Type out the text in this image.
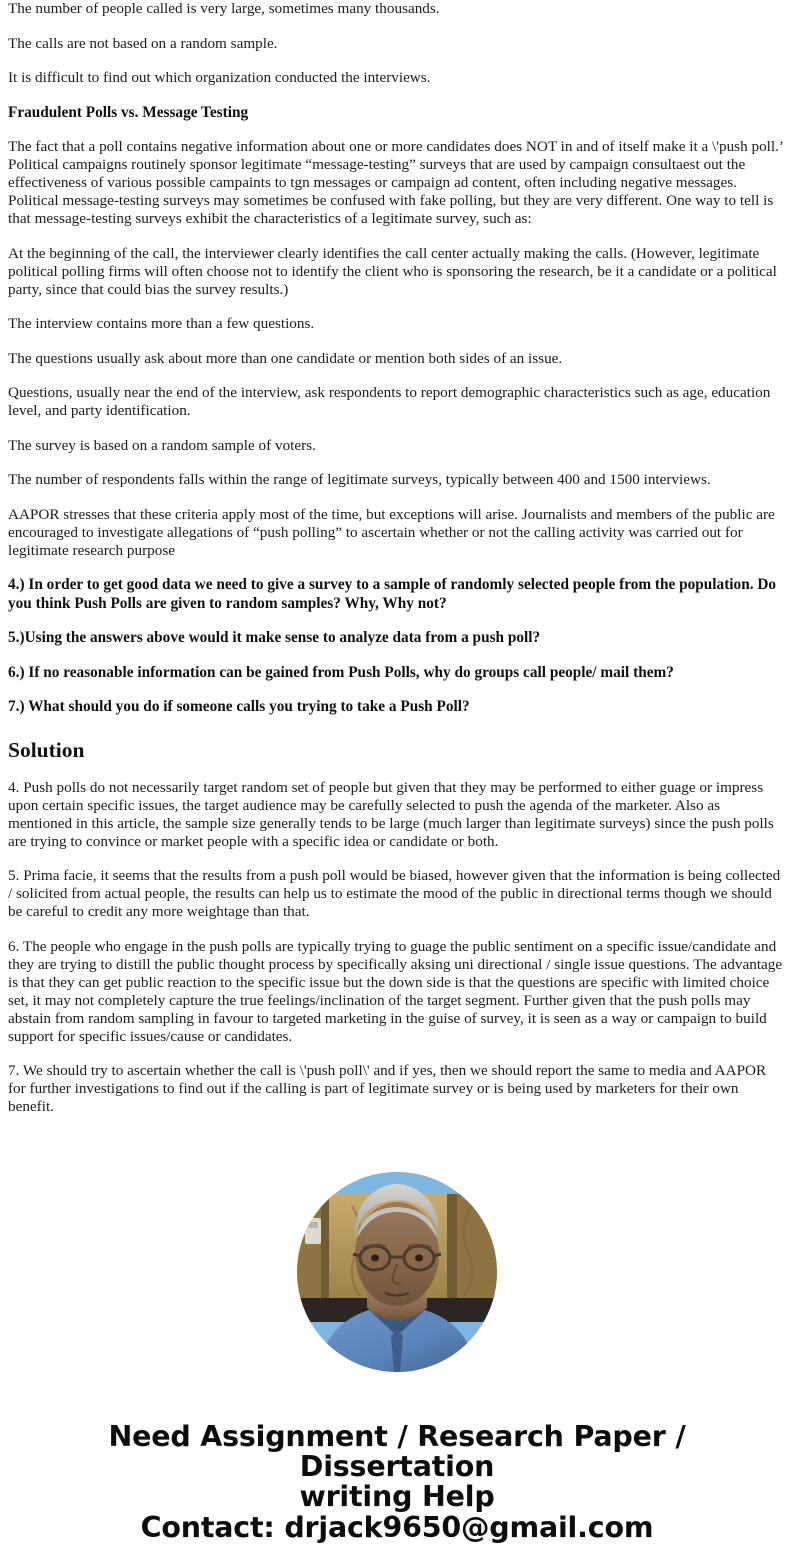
The number of people called is very large, sometimes many thousands.

The calls are not based on a random sample.

It is difficult to find out which organization conducted the interviews.

Fraudulent Polls vs. Message Testing

The fact that a poll contains negative information about one or more candidates does NOT in and of itself make it a \'push poll.’ Political campaigns routinely sponsor legitimate “message-testing” surveys that are used by campaign consultaest out the effectiveness of various possible campaints to tgn messages or campaign ad content, often including negative messages. Political message-testing surveys may sometimes be confused with fake polling, but they are very different. One way to tell is that message-testing surveys exhibit the characteristics of a legitimate survey, such as:

At the beginning of the call, the interviewer clearly identifies the call center actually making the calls. (However, legitimate political polling firms will often choose not to identify the client who is sponsoring the research, be it a candidate or a political party, since that could bias the survey results.)

The interview contains more than a few questions.

The questions usually ask about more than one candidate or mention both sides of an issue.

Questions, usually near the end of the interview, ask respondents to report demographic characteristics such as age, education level, and party identification.

The survey is based on a random sample of voters.

The number of respondents falls within the range of legitimate surveys, typically between 400 and 1500 interviews.

AAPOR stresses that these criteria apply most of the time, but exceptions will arise. Journalists and members of the public are encouraged to investigate allegations of “push polling” to ascertain whether or not the calling activity was carried out for legitimate research purpose

4.) In order to get good data we need to give a survey to a sample of randomly selected people from the population. Do you think Push Polls are given to random samples? Why, Why not?

5.)Using the answers above would it make sense to analyze data from a push poll?

6.) If no reasonable information can be gained from Push Polls, why do groups call people/ mail them?

7.) What should you do if someone calls you trying to take a Push Poll?

Solution

4. Push polls do not necessarily target random set of people but given that they may be performed to either guage or impress upon certain specific issues, the target audience may be carefully selected to push the agenda of the marketer. Also as mentioned in this article, the sample size generally tends to be large (much larger than legitimate surveys) since the push polls are trying to convince or market people with a specific idea or candidate or both.

5. Prima facie, it seems that the results from a push poll would be biased, however given that the information is being collected / solicited from actual people, the results can help us to estimate the mood of the public in directional terms though we should be careful to credit any more weightage than that.

6. The people who engage in the push polls are typically trying to guage the public sentiment on a specific issue/candidate and they are trying to distill the public thought process by specifically aksing uni directional / single issue questions. The advantage is that they can get public reaction to the specific issue but the down side is that the questions are specific with limited choice set, it may not completely capture the true feelings/inclination of the target segment. Further given that the push polls may abstain from random sampling in favour to targeted marketing in the guise of survey, it is seen as a way or campaign to build support for specific issues/cause or candidates.

7. We should try to ascertain whether the call is \'push poll\' and if yes, then we should report the same to media and AAPOR for further investigations to find out if the calling is part of legitimate survey or is being used by marketers for their own benefit.

Need Assignment / Research Paper / Dissertation
writing Help
Contact: drjack9650@gmail.com
